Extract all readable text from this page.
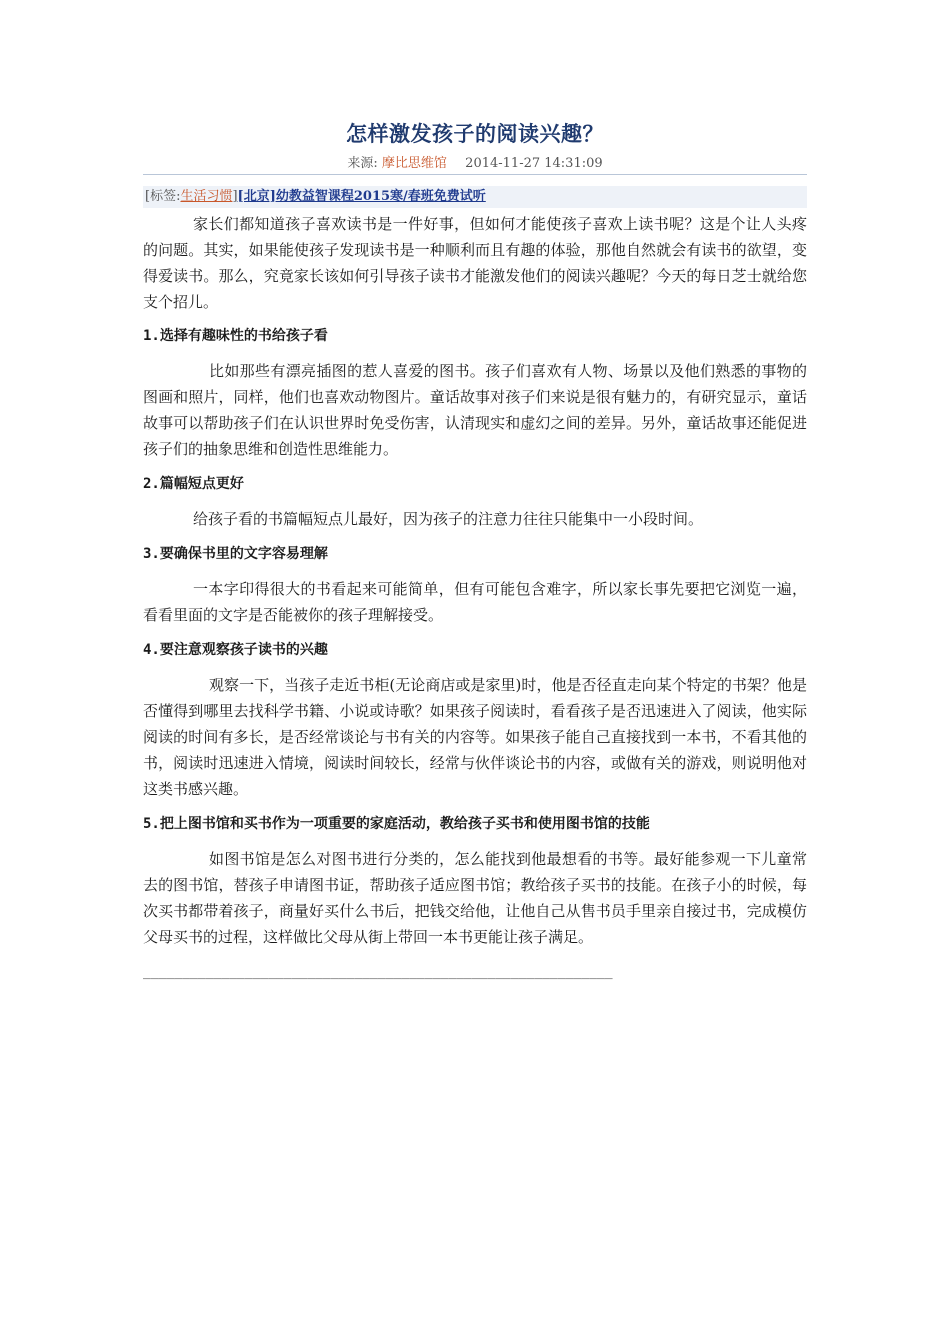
怎样激发孩子的阅读兴趣？
来源: 摩比思维馆 2014-11-27 14:31:09
[标签:生活习惯][北京]幼教益智课程2015寒/春班免费试听

家长们都知道孩子喜欢读书是一件好事，但如何才能使孩子喜欢上读书呢？这是个让人头疼的问题。其实，如果能使孩子发现读书是一种顺利而且有趣的体验，那他自然就会有读书的欲望，变得爱读书。那么，究竟家长该如何引导孩子读书才能激发他们的阅读兴趣呢？今天的每日芝士就给您支个招儿。

1.选择有趣味性的书给孩子看

比如那些有漂亮插图的惹人喜爱的图书。孩子们喜欢有人物、场景以及他们熟悉的事物的图画和照片，同样，他们也喜欢动物图片。童话故事对孩子们来说是很有魅力的，有研究显示，童话故事可以帮助孩子们在认识世界时免受伤害，认清现实和虚幻之间的差异。另外，童话故事还能促进孩子们的抽象思维和创造性思维能力。

2.篇幅短点更好

给孩子看的书篇幅短点儿最好，因为孩子的注意力往往只能集中一小段时间。

3.要确保书里的文字容易理解

一本字印得很大的书看起来可能简单，但有可能包含难字，所以家长事先要把它浏览一遍，看看里面的文字是否能被你的孩子理解接受。

4.要注意观察孩子读书的兴趣

观察一下，当孩子走近书柜(无论商店或是家里)时，他是否径直走向某个特定的书架？他是否懂得到哪里去找科学书籍、小说或诗歌？如果孩子阅读时，看看孩子是否迅速进入了阅读，他实际阅读的时间有多长，是否经常谈论与书有关的内容等。如果孩子能自己直接找到一本书，不看其他的书，阅读时迅速进入情境，阅读时间较长，经常与伙伴谈论书的内容，或做有关的游戏，则说明他对这类书感兴趣。

5.把上图书馆和买书作为一项重要的家庭活动，教给孩子买书和使用图书馆的技能

如图书馆是怎么对图书进行分类的，怎么能找到他最想看的书等。最好能参观一下儿童常去的图书馆，替孩子申请图书证，帮助孩子适应图书馆；教给孩子买书的技能。在孩子小的时候，每次买书都带着孩子，商量好买什么书后，把钱交给他，让他自己从售书员手里亲自接过书，完成模仿父母买书的过程，这样做比父母从街上带回一本书更能让孩子满足。

____________________________________________________________
